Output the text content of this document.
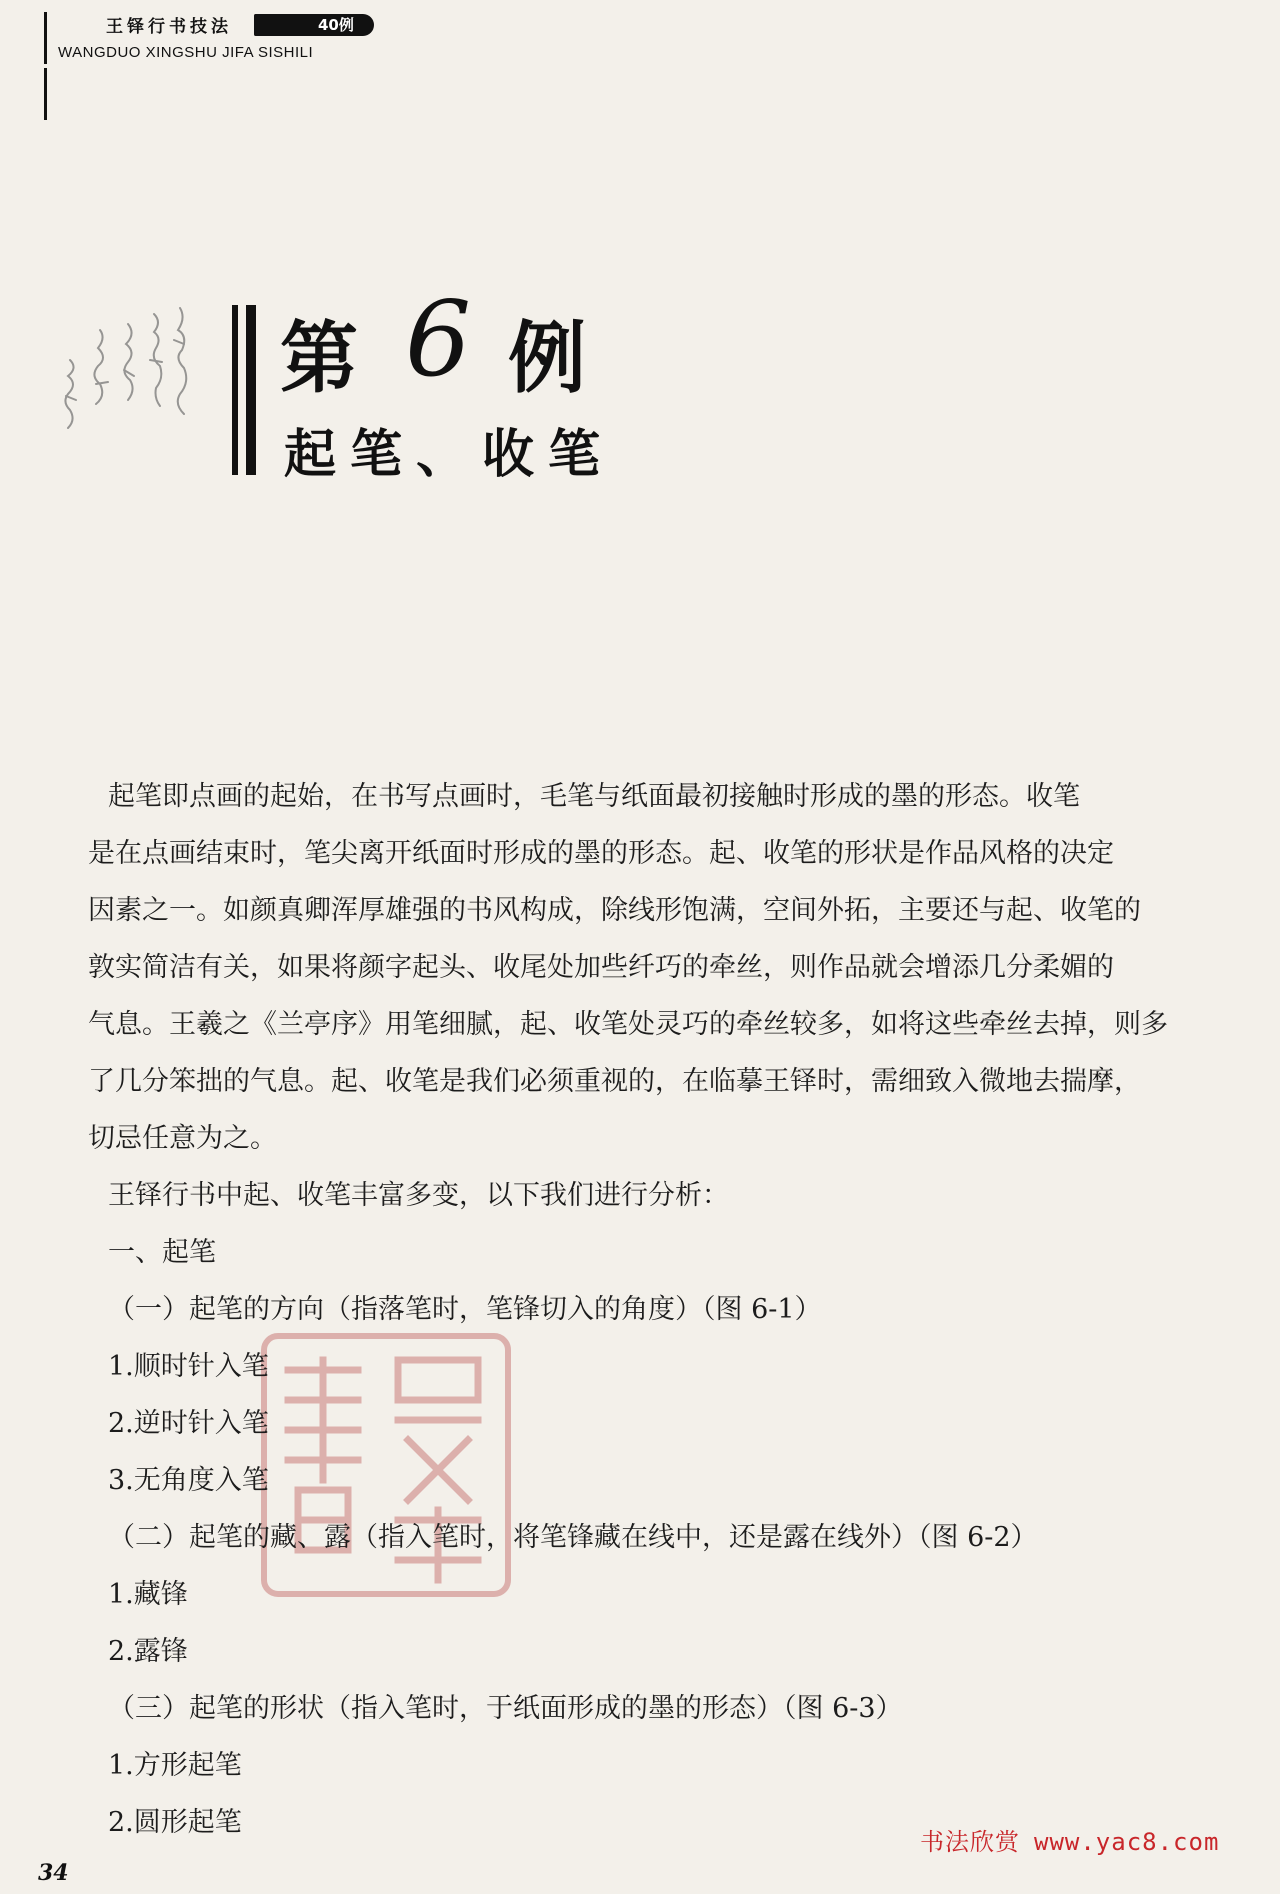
王铎行书技法	40例
WANGDUO XINGSHU JIFA SISHILI
第 6 例
起笔、收笔
起笔即点画的起始，在书写点画时，毛笔与纸面最初接触时形成的墨的形态。收笔
是在点画结束时，笔尖离开纸面时形成的墨的形态。起、收笔的形状是作品风格的决定
因素之一。如颜真卿浑厚雄强的书风构成，除线形饱满，空间外拓，主要还与起、收笔的
敦实简洁有关，如果将颜字起头、收尾处加些纤巧的牵丝，则作品就会增添几分柔媚的
气息。王羲之《兰亭序》用笔细腻，起、收笔处灵巧的牵丝较多，如将这些牵丝去掉，则多
了几分笨拙的气息。起、收笔是我们必须重视的，在临摹王铎时，需细致入微地去揣摩，
切忌任意为之。
王铎行书中起、收笔丰富多变，以下我们进行分析：
一、起笔
（一）起笔的方向（指落笔时，笔锋切入的角度）（图 6-1）
1.顺时针入笔
2.逆时针入笔
3.无角度入笔
（二）起笔的藏、露（指入笔时，将笔锋藏在线中，还是露在线外）（图 6-2）
1.藏锋
2.露锋
（三）起笔的形状（指入笔时，于纸面形成的墨的形态）（图 6-3）
1.方形起笔
2.圆形起笔
34
书法欣赏 www.yac8.com
